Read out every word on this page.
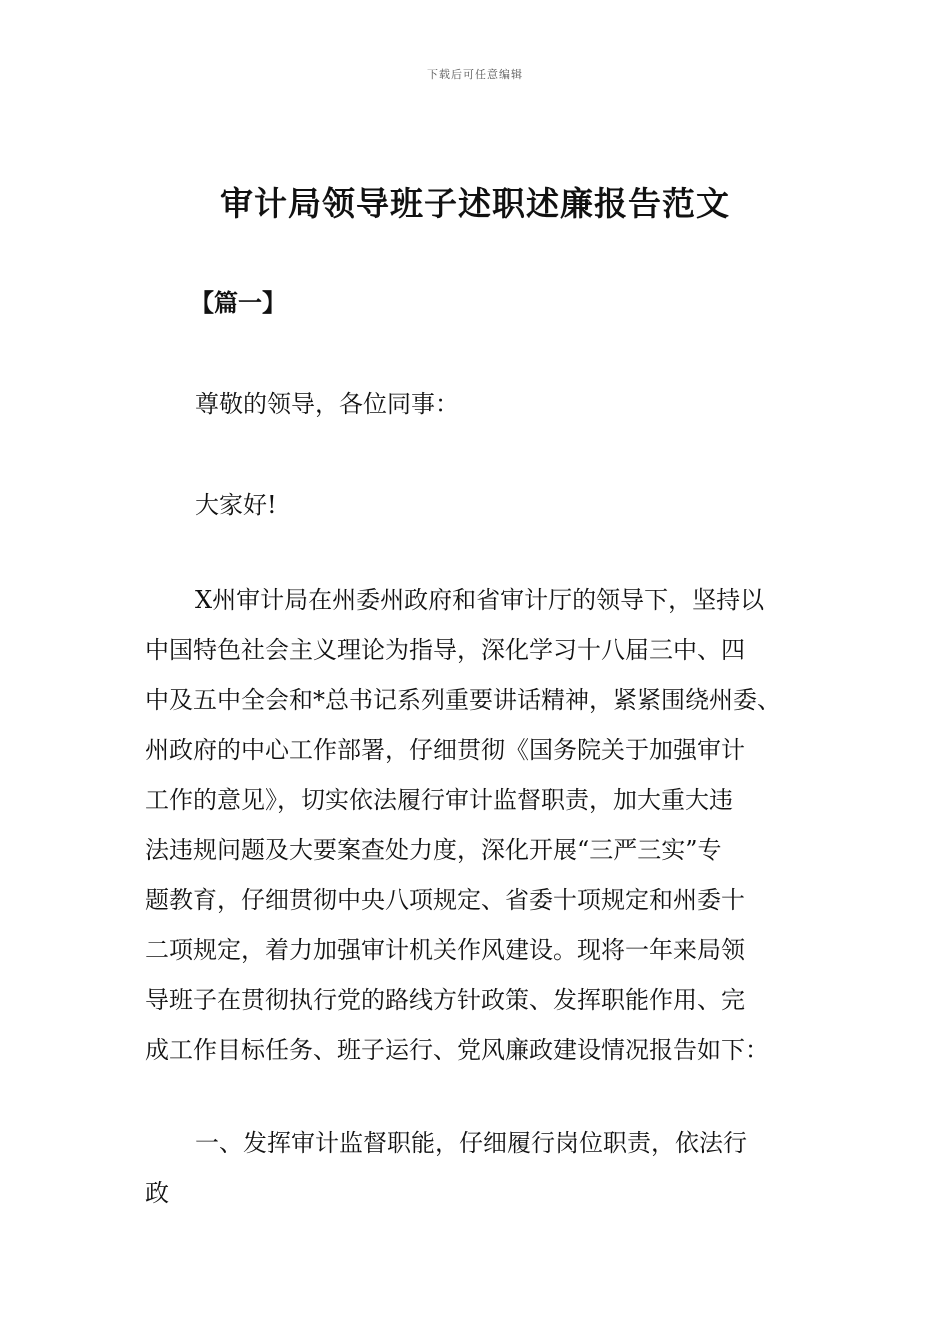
下载后可任意编辑
审计局领导班子述职述廉报告范文
【篇一】
尊敬的领导，各位同事：
大家好!
X州审计局在州委州政府和省审计厅的领导下，坚持以
中国特色社会主义理论为指导，深化学习十八届三中、四
中及五中全会和*总书记系列重要讲话精神，紧紧围绕州委、
州政府的中心工作部署，仔细贯彻《国务院关于加强审计
工作的意见》，切实依法履行审计监督职责，加大重大违
法违规问题及大要案查处力度，深化开展“三严三实”专
题教育，仔细贯彻中央八项规定、省委十项规定和州委十
二项规定，着力加强审计机关作风建设。现将一年来局领
导班子在贯彻执行党的路线方针政策、发挥职能作用、完
成工作目标任务、班子运行、党风廉政建设情况报告如下：
一、发挥审计监督职能，仔细履行岗位职责，依法行
政
